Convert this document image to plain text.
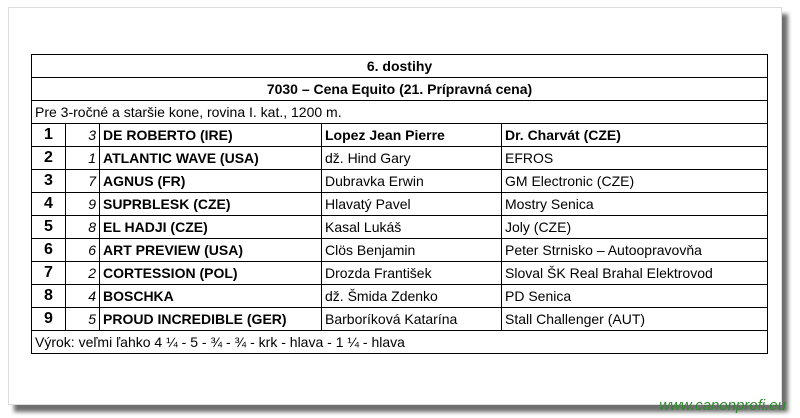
6. dostihy				
7030 – Cena Equito (21. Prípravná cena)				
Pre 3-ročné a staršie kone, rovina I. kat., 1200 m.				
1	3	DE ROBERTO (IRE)	Lopez Jean Pierre	Dr. Charvát (CZE)
2	1	ATLANTIC WAVE (USA)	dž. Hind Gary	EFROS
3	7	AGNUS (FR)	Dubravka Erwin	GM Electronic (CZE)
4	9	SUPRBLESK (CZE)	Hlavatý Pavel	Mostry Senica
5	8	EL HADJI (CZE)	Kasal Lukáš	Joly (CZE)
6	6	ART PREVIEW (USA)	Clös Benjamin	Peter Strnisko – Autoopravovňa
7	2	CORTESSION (POL)	Drozda František	Sloval ŠK Real Brahal Elektrovod
8	4	BOSCHKA	dž. Šmida Zdenko	PD Senica
9	5	PROUD INCREDIBLE (GER)	Barboríková Katarína	Stall Challenger (AUT)
Výrok: veľmi ľahko 4 ¼ - 5 - ¾ - ¾ - krk - hlava - 1 ¼ - hlava				
www.canonprofi.eu
